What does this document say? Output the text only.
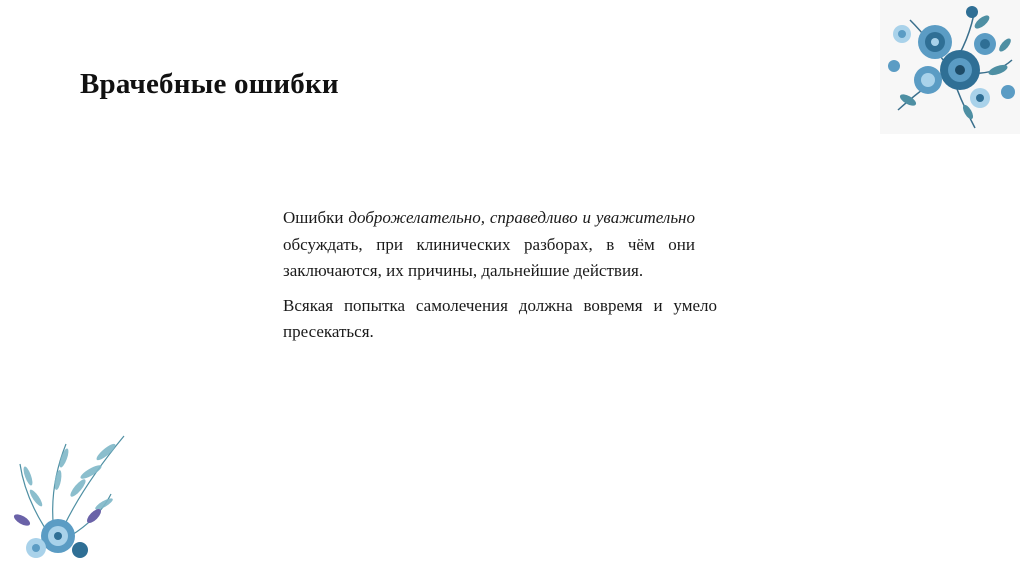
Врачебные ошибки

Ошибки доброжелательно, справедливо и уважительно обсуждать, при клинических разборах, в чём они заключаются, их причины, дальнейшие действия.

Всякая попытка самолечения должна вовремя и умело пресекаться.
